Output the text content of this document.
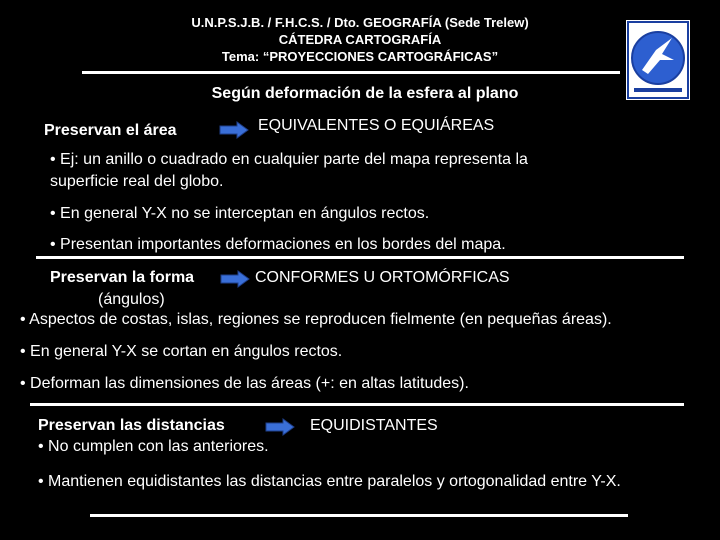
U.N.P.S.J.B. / F.H.C.S. / Dto. GEOGRAFÍA (Sede Trelew)
CÁTEDRA CARTOGRAFÍA
Tema: “PROYECCIONES CARTOGRÁFICAS”
Según deformación de la esfera al plano
Preservan el área	EQUIVALENTES O EQUIÁREAS
• Ej: un anillo o cuadrado en cualquier parte del mapa representa la
superficie real del globo.
• En general Y-X no se interceptan en ángulos rectos.
• Presentan importantes deformaciones en los bordes del mapa.
Preservan la forma	CONFORMES U ORTOMÓRFICAS
(ángulos)
• Aspectos de costas, islas, regiones se reproducen fielmente (en pequeñas áreas).
• En general Y-X se cortan en ángulos rectos.
• Deforman las dimensiones de las áreas (+: en altas latitudes).
Preservan las distancias	EQUIDISTANTES
• No cumplen con las anteriores.
• Mantienen equidistantes las distancias entre paralelos y ortogonalidad entre Y-X.
